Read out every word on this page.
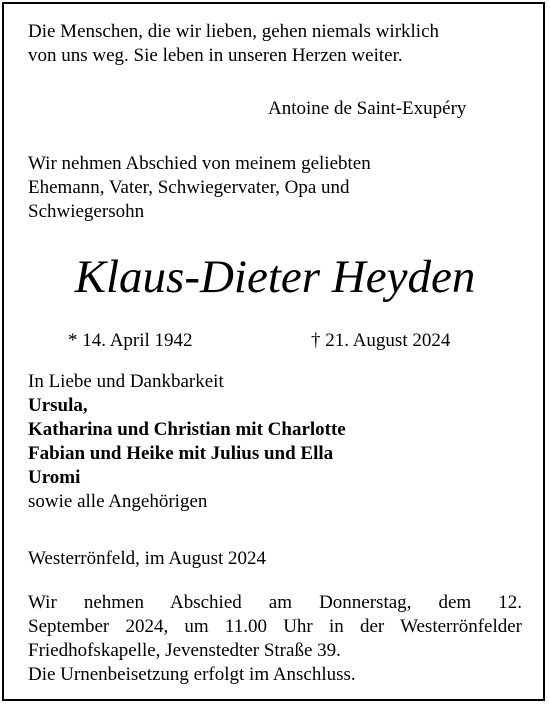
Die Menschen, die wir lieben, gehen niemals wirklich
von uns weg. Sie leben in unseren Herzen weiter.
Antoine de Saint-Exupéry
Wir nehmen Abschied von meinem geliebten
Ehemann, Vater, Schwiegervater, Opa und
Schwiegersohn
Klaus-Dieter Heyden
* 14. April 1942	† 21. August 2024
In Liebe und Dankbarkeit
Ursula,
Katharina und Christian mit Charlotte
Fabian und Heike mit Julius und Ella
Uromi
sowie alle Angehörigen
Westerrönfeld, im August 2024
Wir nehmen Abschied am Donnerstag, dem 12.
September 2024, um 11.00 Uhr in der Westerrönfelder
Friedhofskapelle, Jevenstedter Straße 39.
Die Urnenbeisetzung erfolgt im Anschluss.
